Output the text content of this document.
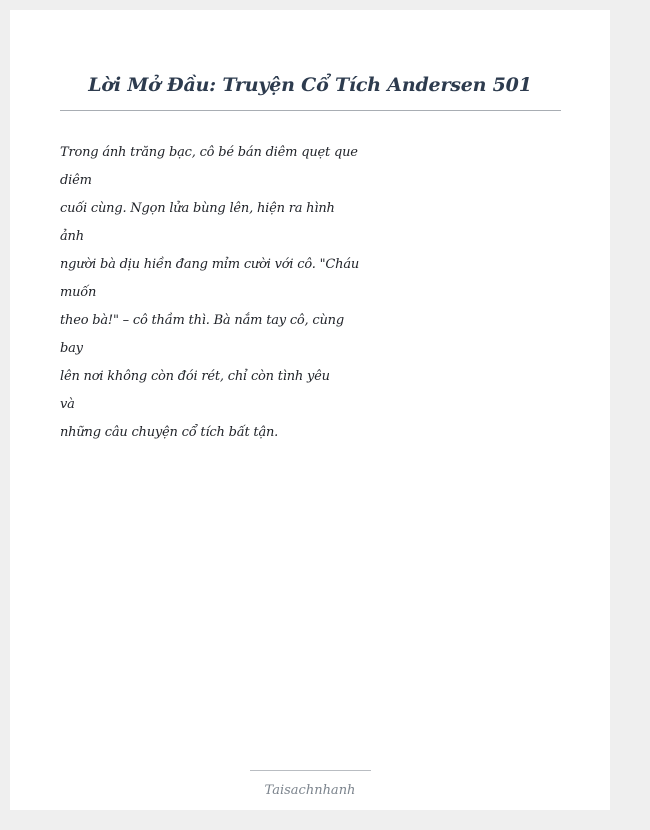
Lời Mở Đầu: Truyện Cổ Tích Andersen 501
Trong ánh trăng bạc, cô bé bán diêm quẹt que
diêm
cuối cùng. Ngọn lửa bùng lên, hiện ra hình
ảnh
người bà dịu hiền đang mỉm cười với cô. "Cháu
muốn
theo bà!" – cô thầm thì. Bà nắm tay cô, cùng
bay
lên nơi không còn đói rét, chỉ còn tình yêu
và
những câu chuyện cổ tích bất tận.
Taisachnhanh
